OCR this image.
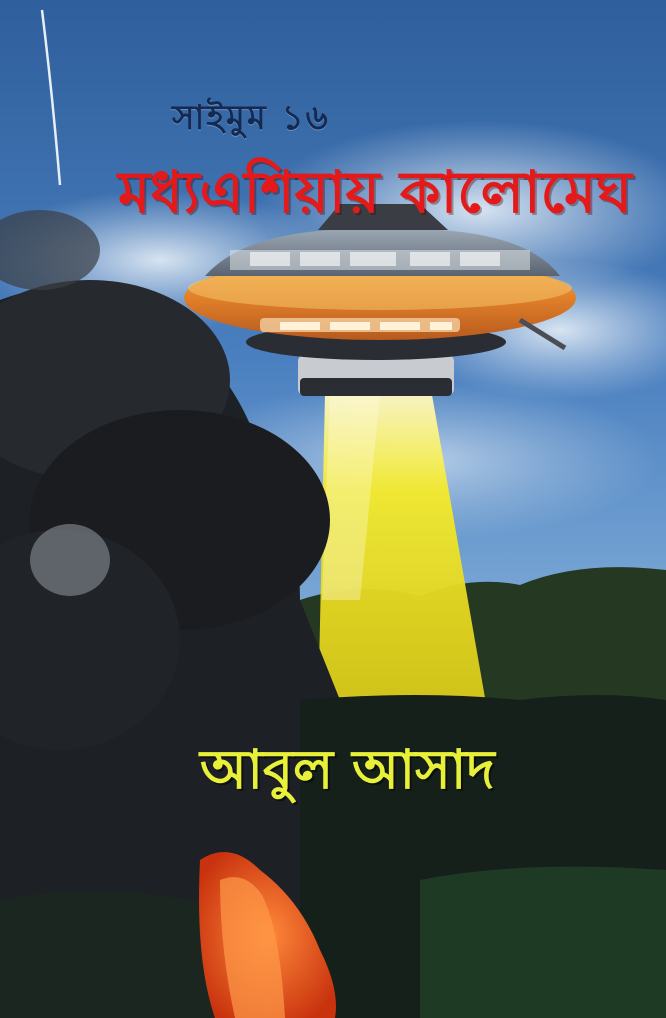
সাইমুম ১৬
মধ্যএশিয়ায় কালোমেঘ
আবুল আসাদ
